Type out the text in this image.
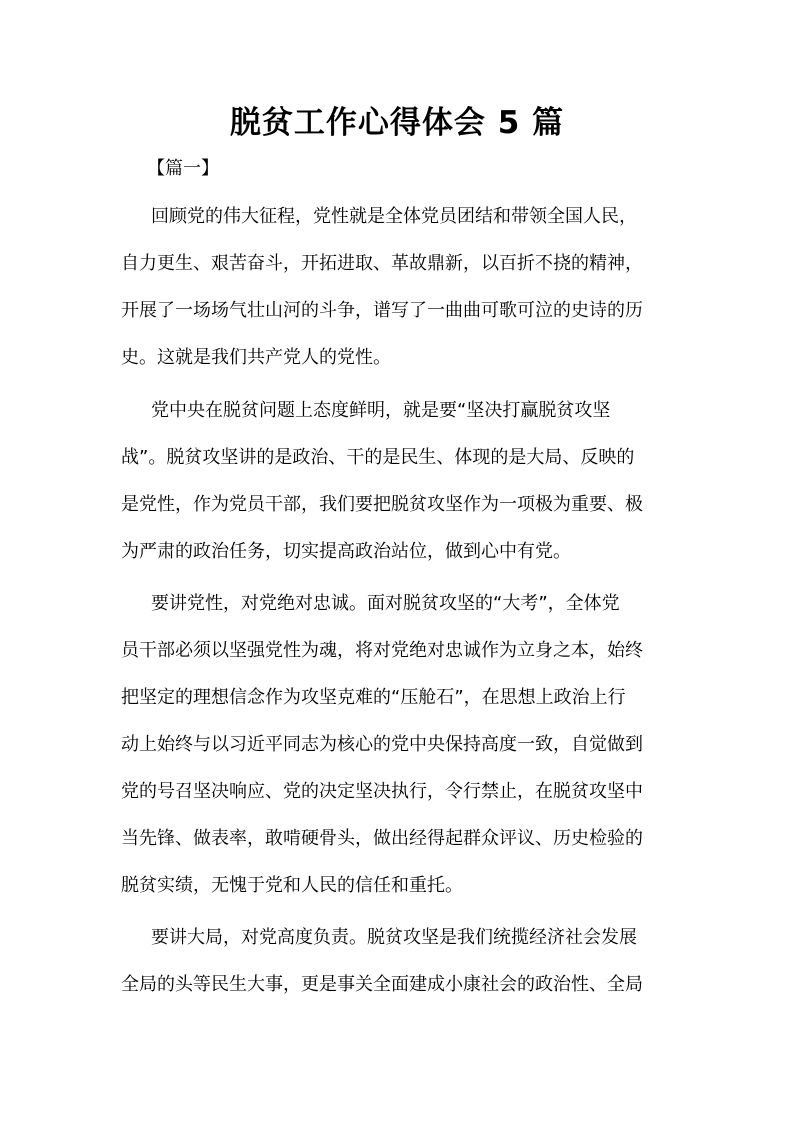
脱贫工作心得体会 5 篇
【篇一】
回顾党的伟大征程，党性就是全体党员团结和带领全国人民，
自力更生、艰苦奋斗，开拓进取、革故鼎新，以百折不挠的精神，
开展了一场场气壮山河的斗争，谱写了一曲曲可歌可泣的史诗的历
史。这就是我们共产党人的党性。
党中央在脱贫问题上态度鲜明，就是要“坚决打赢脱贫攻坚
战”。脱贫攻坚讲的是政治、干的是民生、体现的是大局、反映的
是党性，作为党员干部，我们要把脱贫攻坚作为一项极为重要、极
为严肃的政治任务，切实提高政治站位，做到心中有党。
要讲党性，对党绝对忠诚。面对脱贫攻坚的“大考”，全体党
员干部必须以坚强党性为魂，将对党绝对忠诚作为立身之本，始终
把坚定的理想信念作为攻坚克难的“压舱石”，在思想上政治上行
动上始终与以习近平同志为核心的党中央保持高度一致，自觉做到
党的号召坚决响应、党的决定坚决执行，令行禁止，在脱贫攻坚中
当先锋、做表率，敢啃硬骨头，做出经得起群众评议、历史检验的
脱贫实绩，无愧于党和人民的信任和重托。
要讲大局，对党高度负责。脱贫攻坚是我们统揽经济社会发展
全局的头等民生大事，更是事关全面建成小康社会的政治性、全局
